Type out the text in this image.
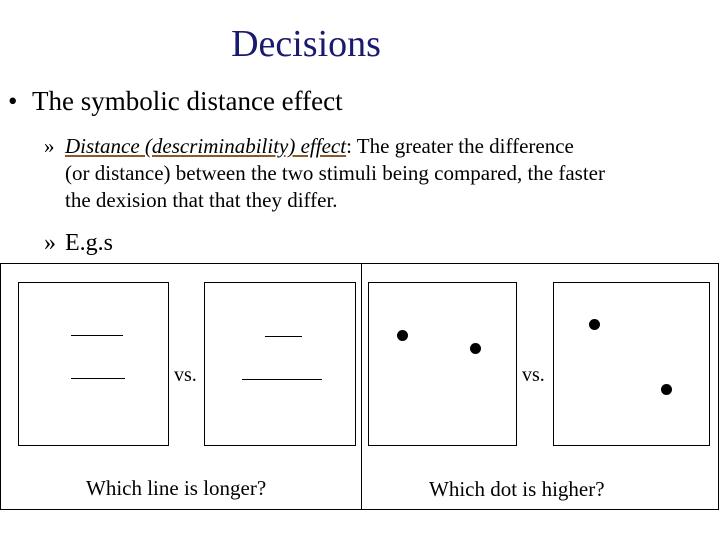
Decisions
• The symbolic distance effect
» Distance (descriminability) effect: The greater the difference
(or distance) between the two stimuli being compared, the faster
the dexision that that they differ.
» E.g.s
vs.
Which line is longer?
vs.
Which dot is higher?
